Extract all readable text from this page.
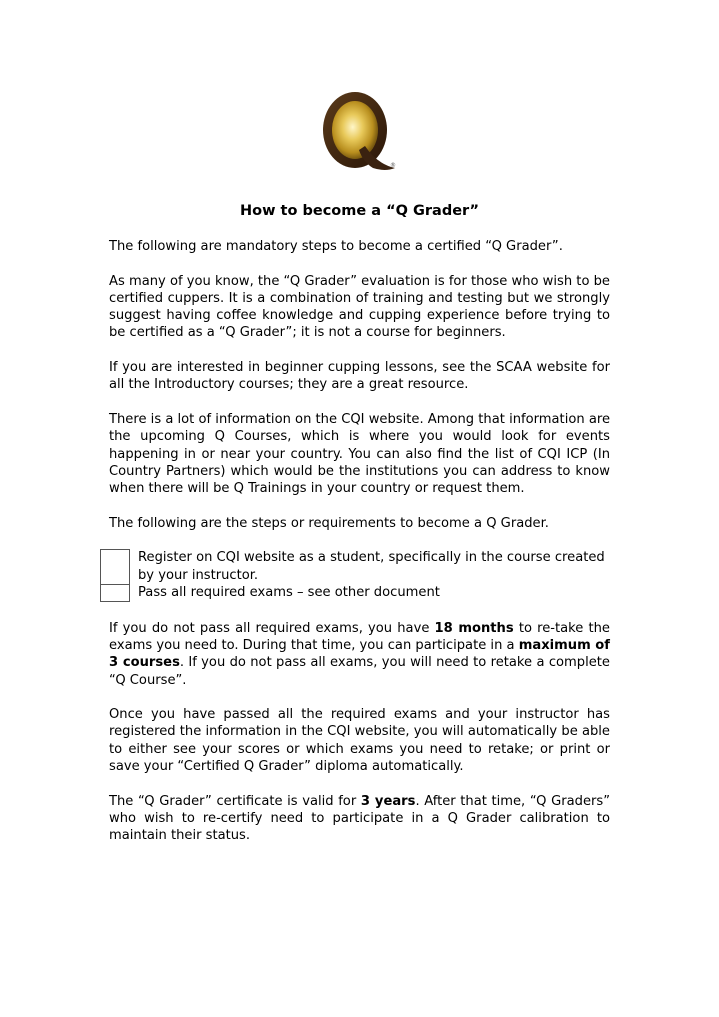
®
How to become a “Q Grader”

The following are mandatory steps to become a certified “Q Grader”.

As many of you know, the “Q Grader” evaluation is for those who wish to be certified cuppers. It is a combination of training and testing but we strongly suggest having coffee knowledge and cupping experience before trying to be certified as a “Q Grader”; it is not a course for beginners.

If you are interested in beginner cupping lessons, see the SCAA website for all the Introductory courses; they are a great resource.

There is a lot of information on the CQI website. Among that information are the upcoming Q Courses, which is where you would look for events happening in or near your country. You can also find the list of CQI ICP (In Country Partners) which would be the institutions you can address to know when there will be Q Trainings in your country or request them.

The following are the steps or requirements to become a Q Grader.

Register on CQI website as a student, specifically in the course created by your instructor.
Pass all required exams – see other document

If you do not pass all required exams, you have 18 months to re-take the exams you need to. During that time, you can participate in a maximum of 3 courses. If you do not pass all exams, you will need to retake a complete “Q Course”.

Once you have passed all the required exams and your instructor has registered the information in the CQI website, you will automatically be able to either see your scores or which exams you need to retake; or print or save your “Certified Q Grader” diploma automatically.

The “Q Grader” certificate is valid for 3 years. After that time, “Q Graders” who wish to re-certify need to participate in a Q Grader calibration to maintain their status.
